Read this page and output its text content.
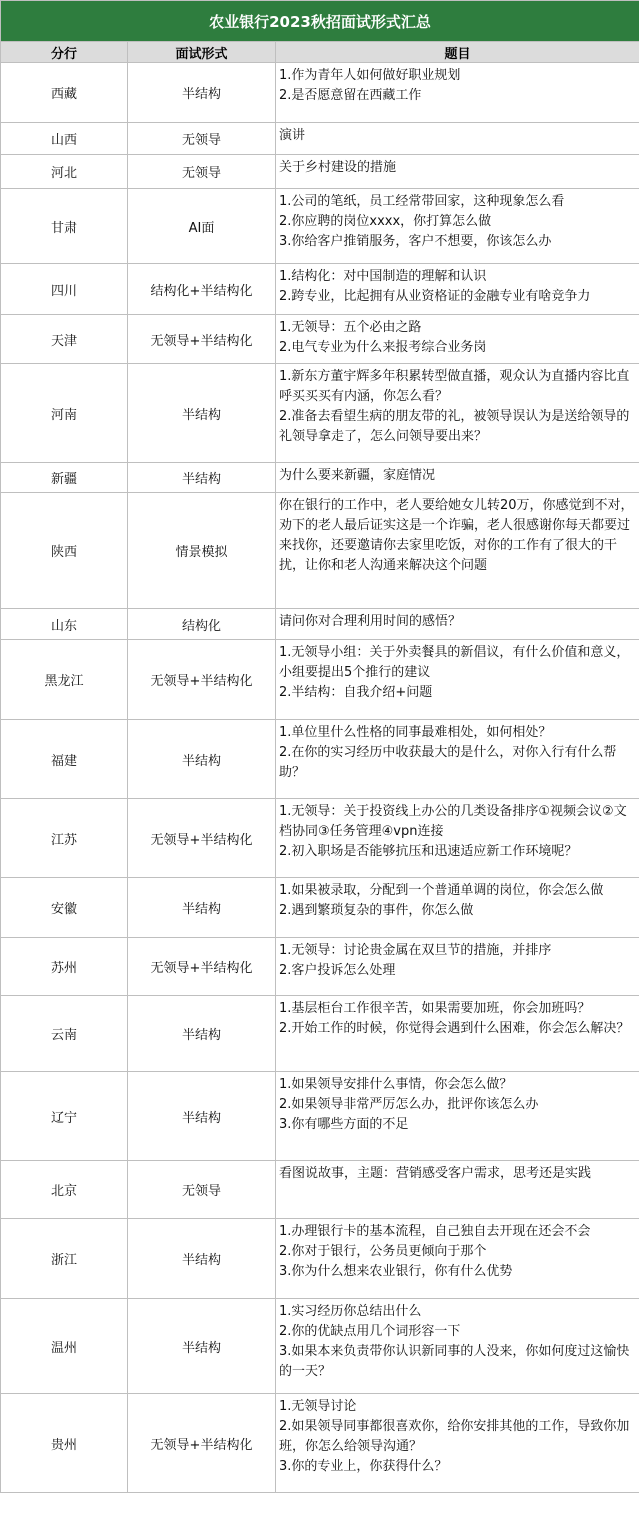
农业银行2023秋招面试形式汇总		
分行	面试形式	题目
西藏	半结构	1.作为青年人如何做好职业规划
2.是否愿意留在西藏工作

山西	无领导	演讲

河北	无领导	关于乡村建设的措施

甘肃	AI面	1.公司的笔纸，员工经常带回家，这种现象怎么看
2.你应聘的岗位xxxx，你打算怎么做
3.你给客户推销服务，客户不想要，你该怎么办

四川	结构化+半结构化	1.结构化：对中国制造的理解和认识
2.跨专业，比起拥有从业资格证的金融专业有啥竞争力

天津	无领导+半结构化	1.无领导：五个必由之路
2.电气专业为什么来报考综合业务岗

河南	半结构	1.新东方董宇辉多年积累转型做直播，观众认为直播内容比直呼买买买有内涵，你怎么看？
2.准备去看望生病的朋友带的礼，被领导误认为是送给领导的礼领导拿走了，怎么问领导要出来？

新疆	半结构	为什么要来新疆，家庭情况

陕西	情景模拟	你在银行的工作中，老人要给她女儿转20万，你感觉到不对，劝下的老人最后证实这是一个诈骗，老人很感谢你每天都要过来找你，还要邀请你去家里吃饭，对你的工作有了很大的干扰，让你和老人沟通来解决这个问题

山东	结构化	请问你对合理利用时间的感悟？

黑龙江	无领导+半结构化	1.无领导小组：关于外卖餐具的新倡议，有什么价值和意义，小组要提出5个推行的建议
2.半结构：自我介绍+问题

福建	半结构	1.单位里什么性格的同事最难相处，如何相处？
2.在你的实习经历中收获最大的是什么，对你入行有什么帮助？

江苏	无领导+半结构化	1.无领导：关于投资线上办公的几类设备排序①视频会议②文档协同③任务管理④vpn连接
2.初入职场是否能够抗压和迅速适应新工作环境呢？

安徽	半结构	1.如果被录取，分配到一个普通单调的岗位，你会怎么做
2.遇到繁琐复杂的事件，你怎么做

苏州	无领导+半结构化	1.无领导：讨论贵金属在双旦节的措施，并排序
2.客户投诉怎么处理

云南	半结构	1.基层柜台工作很辛苦，如果需要加班，你会加班吗？
2.开始工作的时候，你觉得会遇到什么困难，你会怎么解决？

辽宁	半结构	1.如果领导安排什么事情，你会怎么做？
2.如果领导非常严厉怎么办，批评你该怎么办
3.你有哪些方面的不足

北京	无领导	看图说故事，主题：营销感受客户需求，思考还是实践

浙江	半结构	1.办理银行卡的基本流程，自己独自去开现在还会不会
2.你对于银行，公务员更倾向于那个
3.你为什么想来农业银行，你有什么优势

温州	半结构	1.实习经历你总结出什么
2.你的优缺点用几个词形容一下
3.如果本来负责带你认识新同事的人没来，你如何度过这愉快的一天？

贵州	无领导+半结构化	1.无领导讨论
2.如果领导同事都很喜欢你，给你安排其他的工作，导致你加班，你怎么给领导沟通？
3.你的专业上，你获得什么？
